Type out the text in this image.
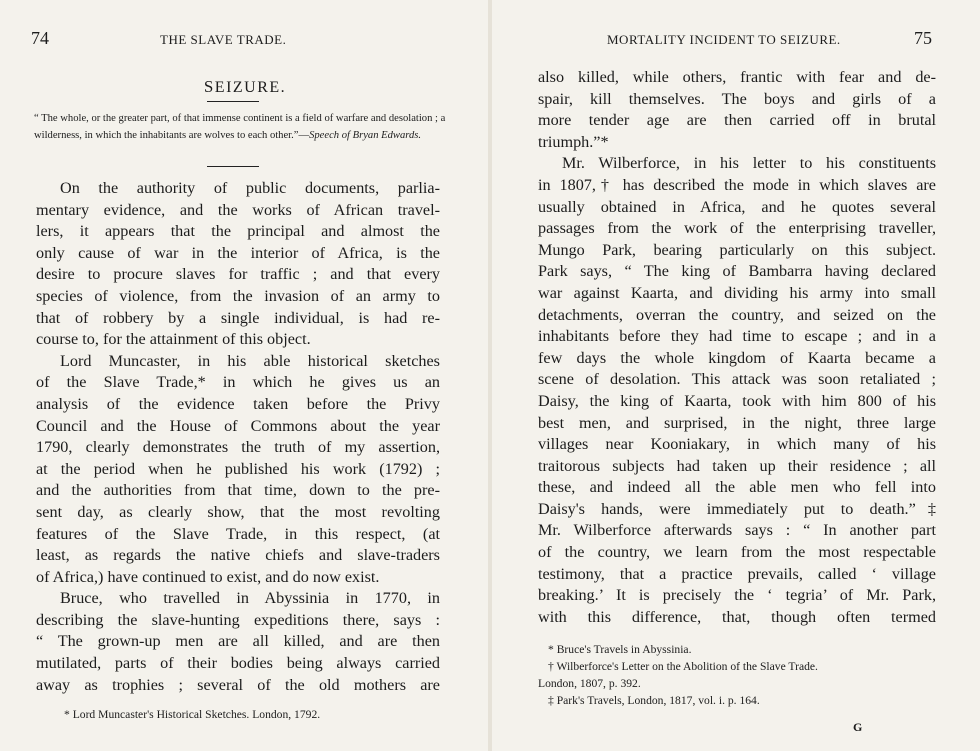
74	THE SLAVE TRADE.
SEIZURE.
“ The whole, or the greater part, of that immense continent is a field of warfare and desolation ; a wilderness, in which the inhabitants are wolves to each other.”—Speech of Bryan Edwards.
On the authority of public documents, parlia-
mentary evidence, and the works of African travel-
lers, it appears that the principal and almost the
only cause of war in the interior of Africa, is the
desire to procure slaves for traffic ; and that every
species of violence, from the invasion of an army to
that of robbery by a single individual, is had re-
course to, for the attainment of this object.
Lord Muncaster, in his able historical sketches
of the Slave Trade,* in which he gives us an
analysis of the evidence taken before the Privy
Council and the House of Commons about the year
1790, clearly demonstrates the truth of my assertion,
at the period when he published his work (1792) ;
and the authorities from that time, down to the pre-
sent day, as clearly show, that the most revolting
features of the Slave Trade, in this respect, (at
least, as regards the native chiefs and slave-traders
of Africa,) have continued to exist, and do now exist.
Bruce, who travelled in Abyssinia in 1770, in
describing the slave-hunting expeditions there, says :
“ The grown-up men are all killed, and are then
mutilated, parts of their bodies being always carried
away as trophies ; several of the old mothers are
* Lord Muncaster's Historical Sketches. London, 1792.
MORTALITY INCIDENT TO SEIZURE.	75
also killed, while others, frantic with fear and de-
spair, kill themselves. The boys and girls of a
more tender age are then carried off in brutal
triumph.”*
Mr. Wilberforce, in his letter to his constituents
in 1807,† has described the mode in which slaves are
usually obtained in Africa, and he quotes several
passages from the work of the enterprising traveller,
Mungo Park, bearing particularly on this subject.
Park says, “ The king of Bambarra having declared
war against Kaarta, and dividing his army into small
detachments, overran the country, and seized on the
inhabitants before they had time to escape ; and in a
few days the whole kingdom of Kaarta became a
scene of desolation. This attack was soon retaliated ;
Daisy, the king of Kaarta, took with him 800 of his
best men, and surprised, in the night, three large
villages near Kooniakary, in which many of his
traitorous subjects had taken up their residence ; all
these, and indeed all the able men who fell into
Daisy's hands, were immediately put to death.”‡
Mr. Wilberforce afterwards says : “ In another part
of the country, we learn from the most respectable
testimony, that a practice prevails, called ‘ village
breaking.’ It is precisely the ‘ tegria’ of Mr. Park,
with this difference, that, though often termed
* Bruce's Travels in Abyssinia.
† Wilberforce's Letter on the Abolition of the Slave Trade.
London, 1807, p. 392.
‡ Park's Travels, London, 1817, vol. i. p. 164.
G
